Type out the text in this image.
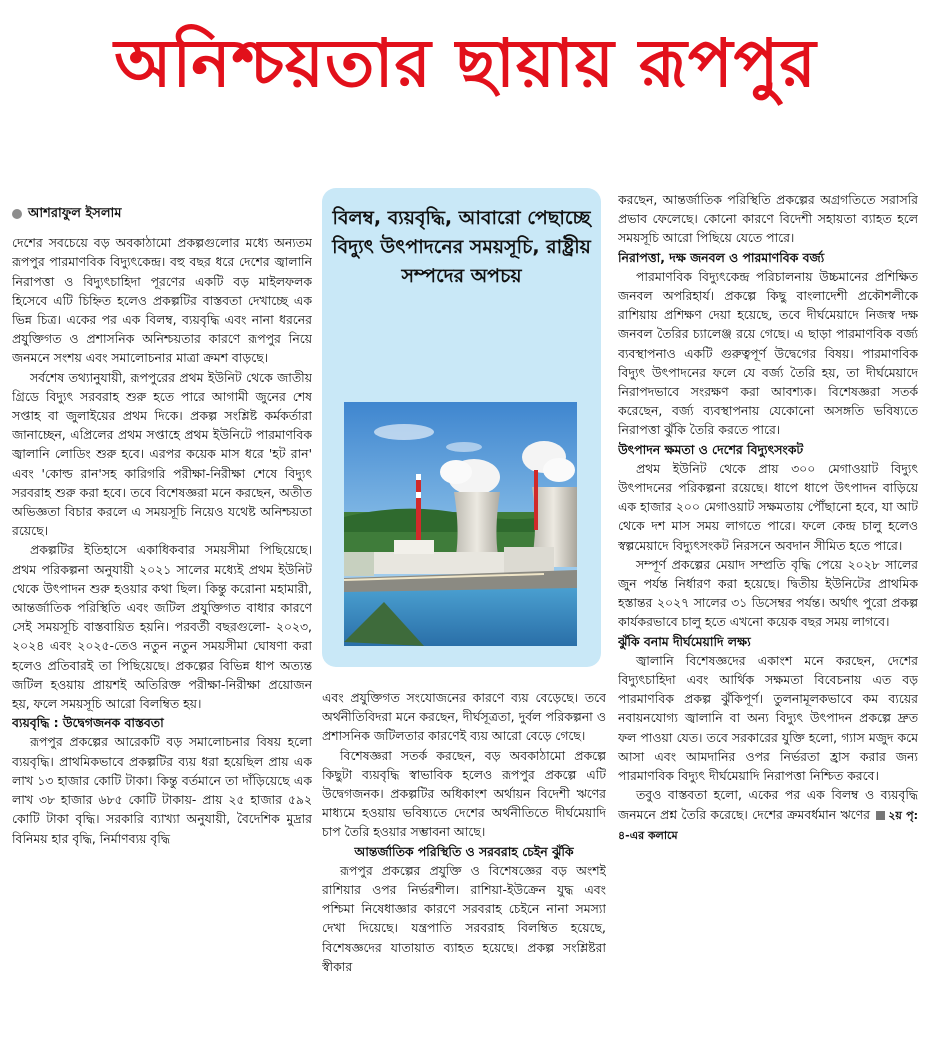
অনিশ্চয়তার ছায়ায় রূপপুর
আশরাফুল ইসলাম

দেশের সবচেয়ে বড় অবকাঠামো প্রকল্পগুলোর মধ্যে অন্যতম রূপপুর পারমাণবিক বিদ্যুৎকেন্দ্র। বহু বছর ধরে দেশের জ্বালানি নিরাপত্তা ও বিদ্যুৎচাহিদা পূরণের একটি বড় মাইলফলক হিসেবে এটি চিহ্নিত হলেও প্রকল্পটির বাস্তবতা দেখাচ্ছে এক ভিন্ন চিত্র। একের পর এক বিলম্ব, ব্যয়বৃদ্ধি এবং নানা ধরনের প্রযুক্তিগত ও প্রশাসনিক অনিশ্চয়তার কারণে রূপপুর নিয়ে জনমনে সংশয় এবং সমালোচনার মাত্রা ক্রমশ বাড়ছে।

সর্বশেষ তথ্যানুযায়ী, রূপপুরের প্রথম ইউনিট থেকে জাতীয় গ্রিডে বিদ্যুৎ সরবরাহ শুরু হতে পারে আগামী জুনের শেষ সপ্তাহ বা জুলাইয়ের প্রথম দিকে। প্রকল্প সংশ্লিষ্ট কর্মকর্তারা জানাচ্ছেন, এপ্রিলের প্রথম সপ্তাহে প্রথম ইউনিটে পারমাণবিক জ্বালানি লোডিং শুরু হবে। এরপর কয়েক মাস ধরে 'হট রান' এবং 'কোল্ড রান'সহ কারিগরি পরীক্ষা-নিরীক্ষা শেষে বিদ্যুৎ সরবরাহ শুরু করা হবে। তবে বিশেষজ্ঞরা মনে করছেন, অতীত অভিজ্ঞতা বিচার করলে এ সময়সূচি নিয়েও যথেষ্ট অনিশ্চয়তা রয়েছে।

প্রকল্পটির ইতিহাসে একাধিকবার সময়সীমা পিছিয়েছে। প্রথম পরিকল্পনা অনুযায়ী ২০২১ সালের মধ্যেই প্রথম ইউনিট থেকে উৎপাদন শুরু হওয়ার কথা ছিল। কিন্তু করোনা মহামারী, আন্তর্জাতিক পরিস্থিতি এবং জটিল প্রযুক্তিগত বাধার কারণে সেই সময়সূচি বাস্তবায়িত হয়নি। পরবর্তী বছরগুলো- ২০২৩, ২০২৪ এবং ২০২৫-তেও নতুন নতুন সময়সীমা ঘোষণা করা হলেও প্রতিবারই তা পিছিয়েছে। প্রকল্পের বিভিন্ন ধাপ অত্যন্ত জটিল হওয়ায় প্রায়শই অতিরিক্ত পরীক্ষা-নিরীক্ষা প্রয়োজন হয়, ফলে সময়সূচি আরো বিলম্বিত হয়।

ব্যয়বৃদ্ধি : উদ্বেগজনক বাস্তবতা

রূপপুর প্রকল্পের আরেকটি বড় সমালোচনার বিষয় হলো ব্যয়বৃদ্ধি। প্রাথমিকভাবে প্রকল্পটির ব্যয় ধরা হয়েছিল প্রায় এক লাখ ১৩ হাজার কোটি টাকা। কিন্তু বর্তমানে তা দাঁড়িয়েছে এক লাখ ৩৮ হাজার ৬৮৫ কোটি টাকায়- প্রায় ২৫ হাজার ৫৯২ কোটি টাকা বৃদ্ধি। সরকারি ব্যাখ্যা অনুযায়ী, বৈদেশিক মুদ্রার বিনিময় হার বৃদ্ধি, নির্মাণব্যয় বৃদ্ধি

বিলম্ব, ব্যয়বৃদ্ধি, আবারো পেছাচ্ছে বিদ্যুৎ উৎপাদনের সময়সূচি, রাষ্ট্রীয় সম্পদের অপচয়

এবং প্রযুক্তিগত সংযোজনের কারণে ব্যয় বেড়েছে। তবে অর্থনীতিবিদরা মনে করছেন, দীর্ঘসূত্রতা, দুর্বল পরিকল্পনা ও প্রশাসনিক জটিলতার কারণেই ব্যয় আরো বেড়ে গেছে।

বিশেষজ্ঞরা সতর্ক করছেন, বড় অবকাঠামো প্রকল্পে কিছুটা ব্যয়বৃদ্ধি স্বাভাবিক হলেও রূপপুর প্রকল্পে এটি উদ্বেগজনক। প্রকল্পটির অধিকাংশ অর্থায়ন বিদেশী ঋণের মাধ্যমে হওয়ায় ভবিষ্যতে দেশের অর্থনীতিতে দীর্ঘমেয়াদি চাপ তৈরি হওয়ার সম্ভাবনা আছে।

আন্তর্জাতিক পরিস্থিতি ও সরবরাহ চেইন ঝুঁকি

রূপপুর প্রকল্পের প্রযুক্তি ও বিশেষজ্ঞের বড় অংশই রাশিয়ার ওপর নির্ভরশীল। রাশিয়া-ইউক্রেন যুদ্ধ এবং পশ্চিমা নিষেধাজ্ঞার কারণে সরবরাহ চেইনে নানা সমস্যা দেখা দিয়েছে। যন্ত্রপাতি সরবরাহ বিলম্বিত হয়েছে, বিশেষজ্ঞদের যাতায়াত ব্যাহত হয়েছে। প্রকল্প সংশ্লিষ্টরা স্বীকার

করছেন, আন্তর্জাতিক পরিস্থিতি প্রকল্পের অগ্রগতিতে সরাসরি প্রভাব ফেলেছে। কোনো কারণে বিদেশী সহায়তা ব্যাহত হলে সময়সূচি আরো পিছিয়ে যেতে পারে।

নিরাপত্তা, দক্ষ জনবল ও পারমাণবিক বর্জ্য

পারমাণবিক বিদ্যুৎকেন্দ্র পরিচালনায় উচ্চমানের প্রশিক্ষিত জনবল অপরিহার্য। প্রকল্পে কিছু বাংলাদেশী প্রকৌশলীকে রাশিয়ায় প্রশিক্ষণ দেয়া হয়েছে, তবে দীর্ঘমেয়াদে নিজস্ব দক্ষ জনবল তৈরির চ্যালেঞ্জ রয়ে গেছে। এ ছাড়া পারমাণবিক বর্জ্য ব্যবস্থাপনাও একটি গুরুত্বপূর্ণ উদ্বেগের বিষয়। পারমাণবিক বিদ্যুৎ উৎপাদনের ফলে যে বর্জ্য তৈরি হয়, তা দীর্ঘমেয়াদে নিরাপদভাবে সংরক্ষণ করা আবশ্যক। বিশেষজ্ঞরা সতর্ক করেছেন, বর্জ্য ব্যবস্থাপনায় যেকোনো অসঙ্গতি ভবিষ্যতে নিরাপত্তা ঝুঁকি তৈরি করতে পারে।

উৎপাদন ক্ষমতা ও দেশের বিদ্যুৎসংকট

প্রথম ইউনিট থেকে প্রায় ৩০০ মেগাওয়াট বিদ্যুৎ উৎপাদনের পরিকল্পনা রয়েছে। ধাপে ধাপে উৎপাদন বাড়িয়ে এক হাজার ২০০ মেগাওয়াট সক্ষমতায় পৌঁছানো হবে, যা আট থেকে দশ মাস সময় লাগতে পারে। ফলে কেন্দ্র চালু হলেও স্বল্পমেয়াদে বিদ্যুৎসংকট নিরসনে অবদান সীমিত হতে পারে।

সম্পূর্ণ প্রকল্পের মেয়াদ সম্প্রতি বৃদ্ধি পেয়ে ২০২৮ সালের জুন পর্যন্ত নির্ধারণ করা হয়েছে। দ্বিতীয় ইউনিটের প্রাথমিক হস্তান্তর ২০২৭ সালের ৩১ ডিসেম্বর পর্যন্ত। অর্থাৎ পুরো প্রকল্প কার্যকরভাবে চালু হতে এখনো কয়েক বছর সময় লাগবে।

ঝুঁকি বনাম দীর্ঘমেয়াদি লক্ষ্য

জ্বালানি বিশেষজ্ঞদের একাংশ মনে করছেন, দেশের বিদ্যুৎচাহিদা এবং আর্থিক সক্ষমতা বিবেচনায় এত বড় পারমাণবিক প্রকল্প ঝুঁকিপূর্ণ। তুলনামূলকভাবে কম ব্যয়ের নবায়নযোগ্য জ্বালানি বা অন্য বিদ্যুৎ উৎপাদন প্রকল্পে দ্রুত ফল পাওয়া যেত। তবে সরকারের যুক্তি হলো, গ্যাস মজুদ কমে আসা এবং আমদানির ওপর নির্ভরতা হ্রাস করার জন্য পারমাণবিক বিদ্যুৎ দীর্ঘমেয়াদি নিরাপত্তা নিশ্চিত করবে।

তবুও বাস্তবতা হলো, একের পর এক বিলম্ব ও ব্যয়বৃদ্ধি জনমনে প্রশ্ন তৈরি করেছে। দেশের ক্রমবর্ধমান ঋণের ২য় পৃ: ৪-এর কলামে
